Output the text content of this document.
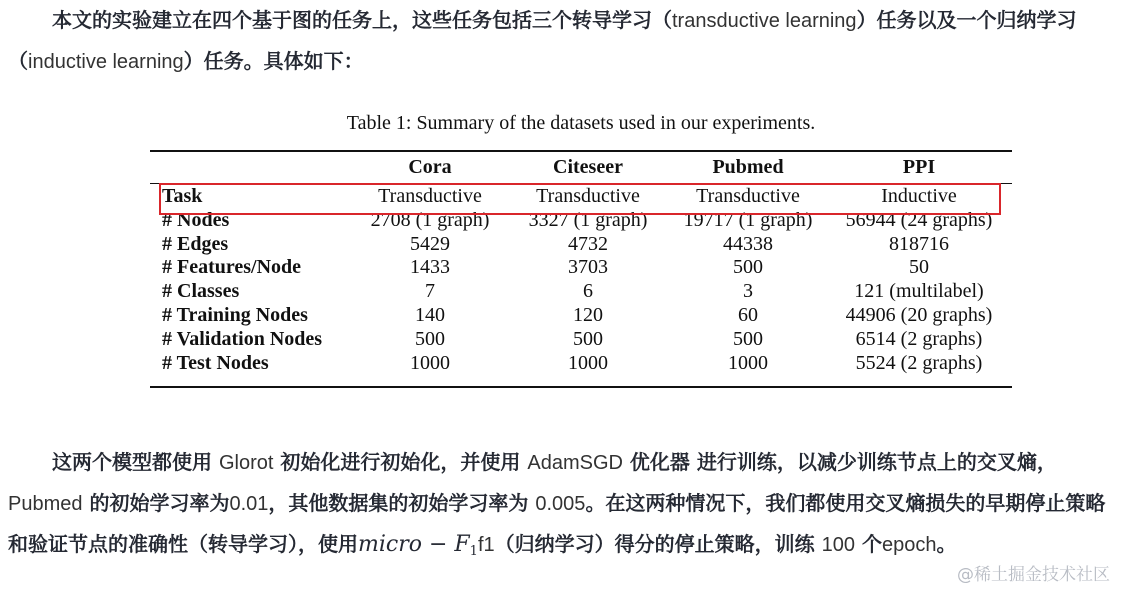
本文的实验建立在四个基于图的任务上，这些任务包括三个转导学习（transductive learning）任务以及一个归纳学习（inductive learning）任务。具体如下：

Table 1: Summary of the datasets used in our experiments.
	Cora	Citeseer	Pubmed	PPI
Task	Transductive	Transductive	Transductive	Inductive
# Nodes	2708 (1 graph)	3327 (1 graph)	19717 (1 graph)	56944 (24 graphs)
# Edges	5429	4732	44338	818716
# Features/Node	1433	3703	500	50
# Classes	7	6	3	121 (multilabel)
# Training Nodes	140	120	60	44906 (20 graphs)
# Validation Nodes	500	500	500	6514 (2 graphs)
# Test Nodes	1000	1000	1000	5524 (2 graphs)

这两个模型都使用 Glorot 初始化进行初始化，并使用 AdamSGD 优化器 进行训练，以减少训练节点上的交叉熵，Pubmed 的初始学习率为0.01，其他数据集的初始学习率为 0.005。在这两种情况下，我们都使用交叉熵损失的早期停止策略和验证节点的准确性（转导学习），使用micro − $F_1f1$（归纳学习）得分的停止策略，训练 100 个epoch。

@稀土掘金技术社区
